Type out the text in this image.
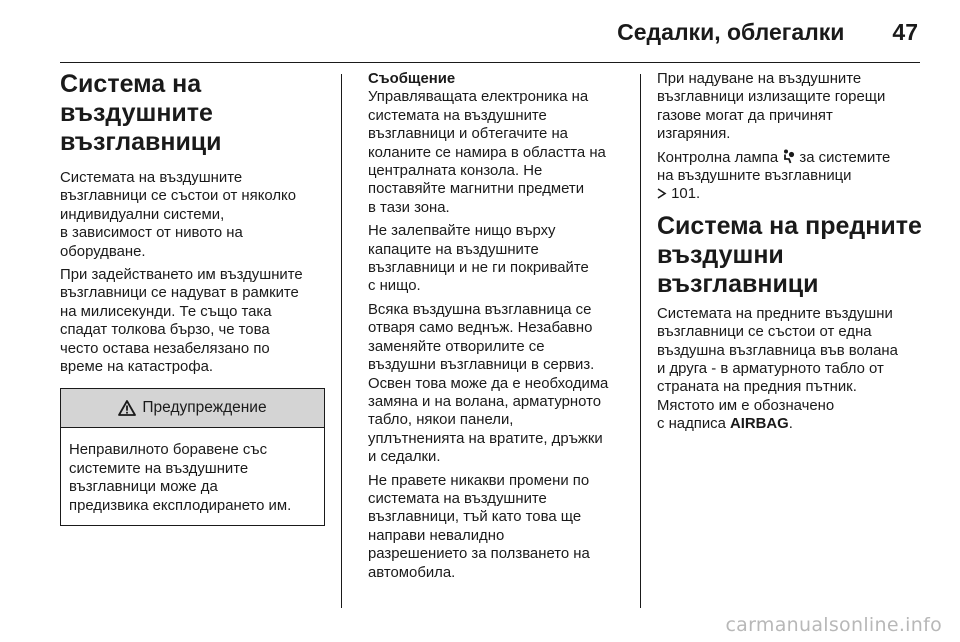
Седалки, облегалки 47
Система на
въздушните
възглавници

Системата на въздушните
възглавници се състои от няколко
индивидуални системи,
в зависимост от нивото на
оборудване.

При задействането им въздушните
възглавници се надуват в рамките
на милисекунди. Те също така
спадат толкова бързо, че това
често остава незабелязано по
време на катастрофа.

Предупреждение
Неправилното боравене със
системите на въздушните
възглавници може да
предизвика експлодирането им.

Съобщение

Управляващата електроника на
системата на въздушните
възглавници и обтегачите на
коланите се намира в областта на
централната конзола. Не
поставяйте магнитни предмети
в тази зона.

Не залепвайте нищо върху
капаците на въздушните
възглавници и не ги покривайте
с нищо.

Всяка въздушна възглавница се
отваря само веднъж. Незабавно
заменяйте отворилите се
въздушни възглавници в сервиз.
Освен това може да е необходима
замяна и на волана, арматурното
табло, някои панели,
уплътненията на вратите, дръжки
и седалки.

Не правете никакви промени по
системата на въздушните
възглавници, тъй като това ще
направи невалидно
разрешението за ползването на
автомобила.

При надуване на въздушните
възглавници излизащите горещи
газове могат да причинят
изгаряния.

Контролна лампа за системите
на въздушните възглавници
101.

Система на предните
въздушни възглавници

Системата на предните въздушни
възглавници се състои от една
въздушна възглавница във волана
и друга - в арматурното табло от
страната на предния пътник.
Мястото им е обозначено
с надписа AIRBAG.

carmanualsonline.info
